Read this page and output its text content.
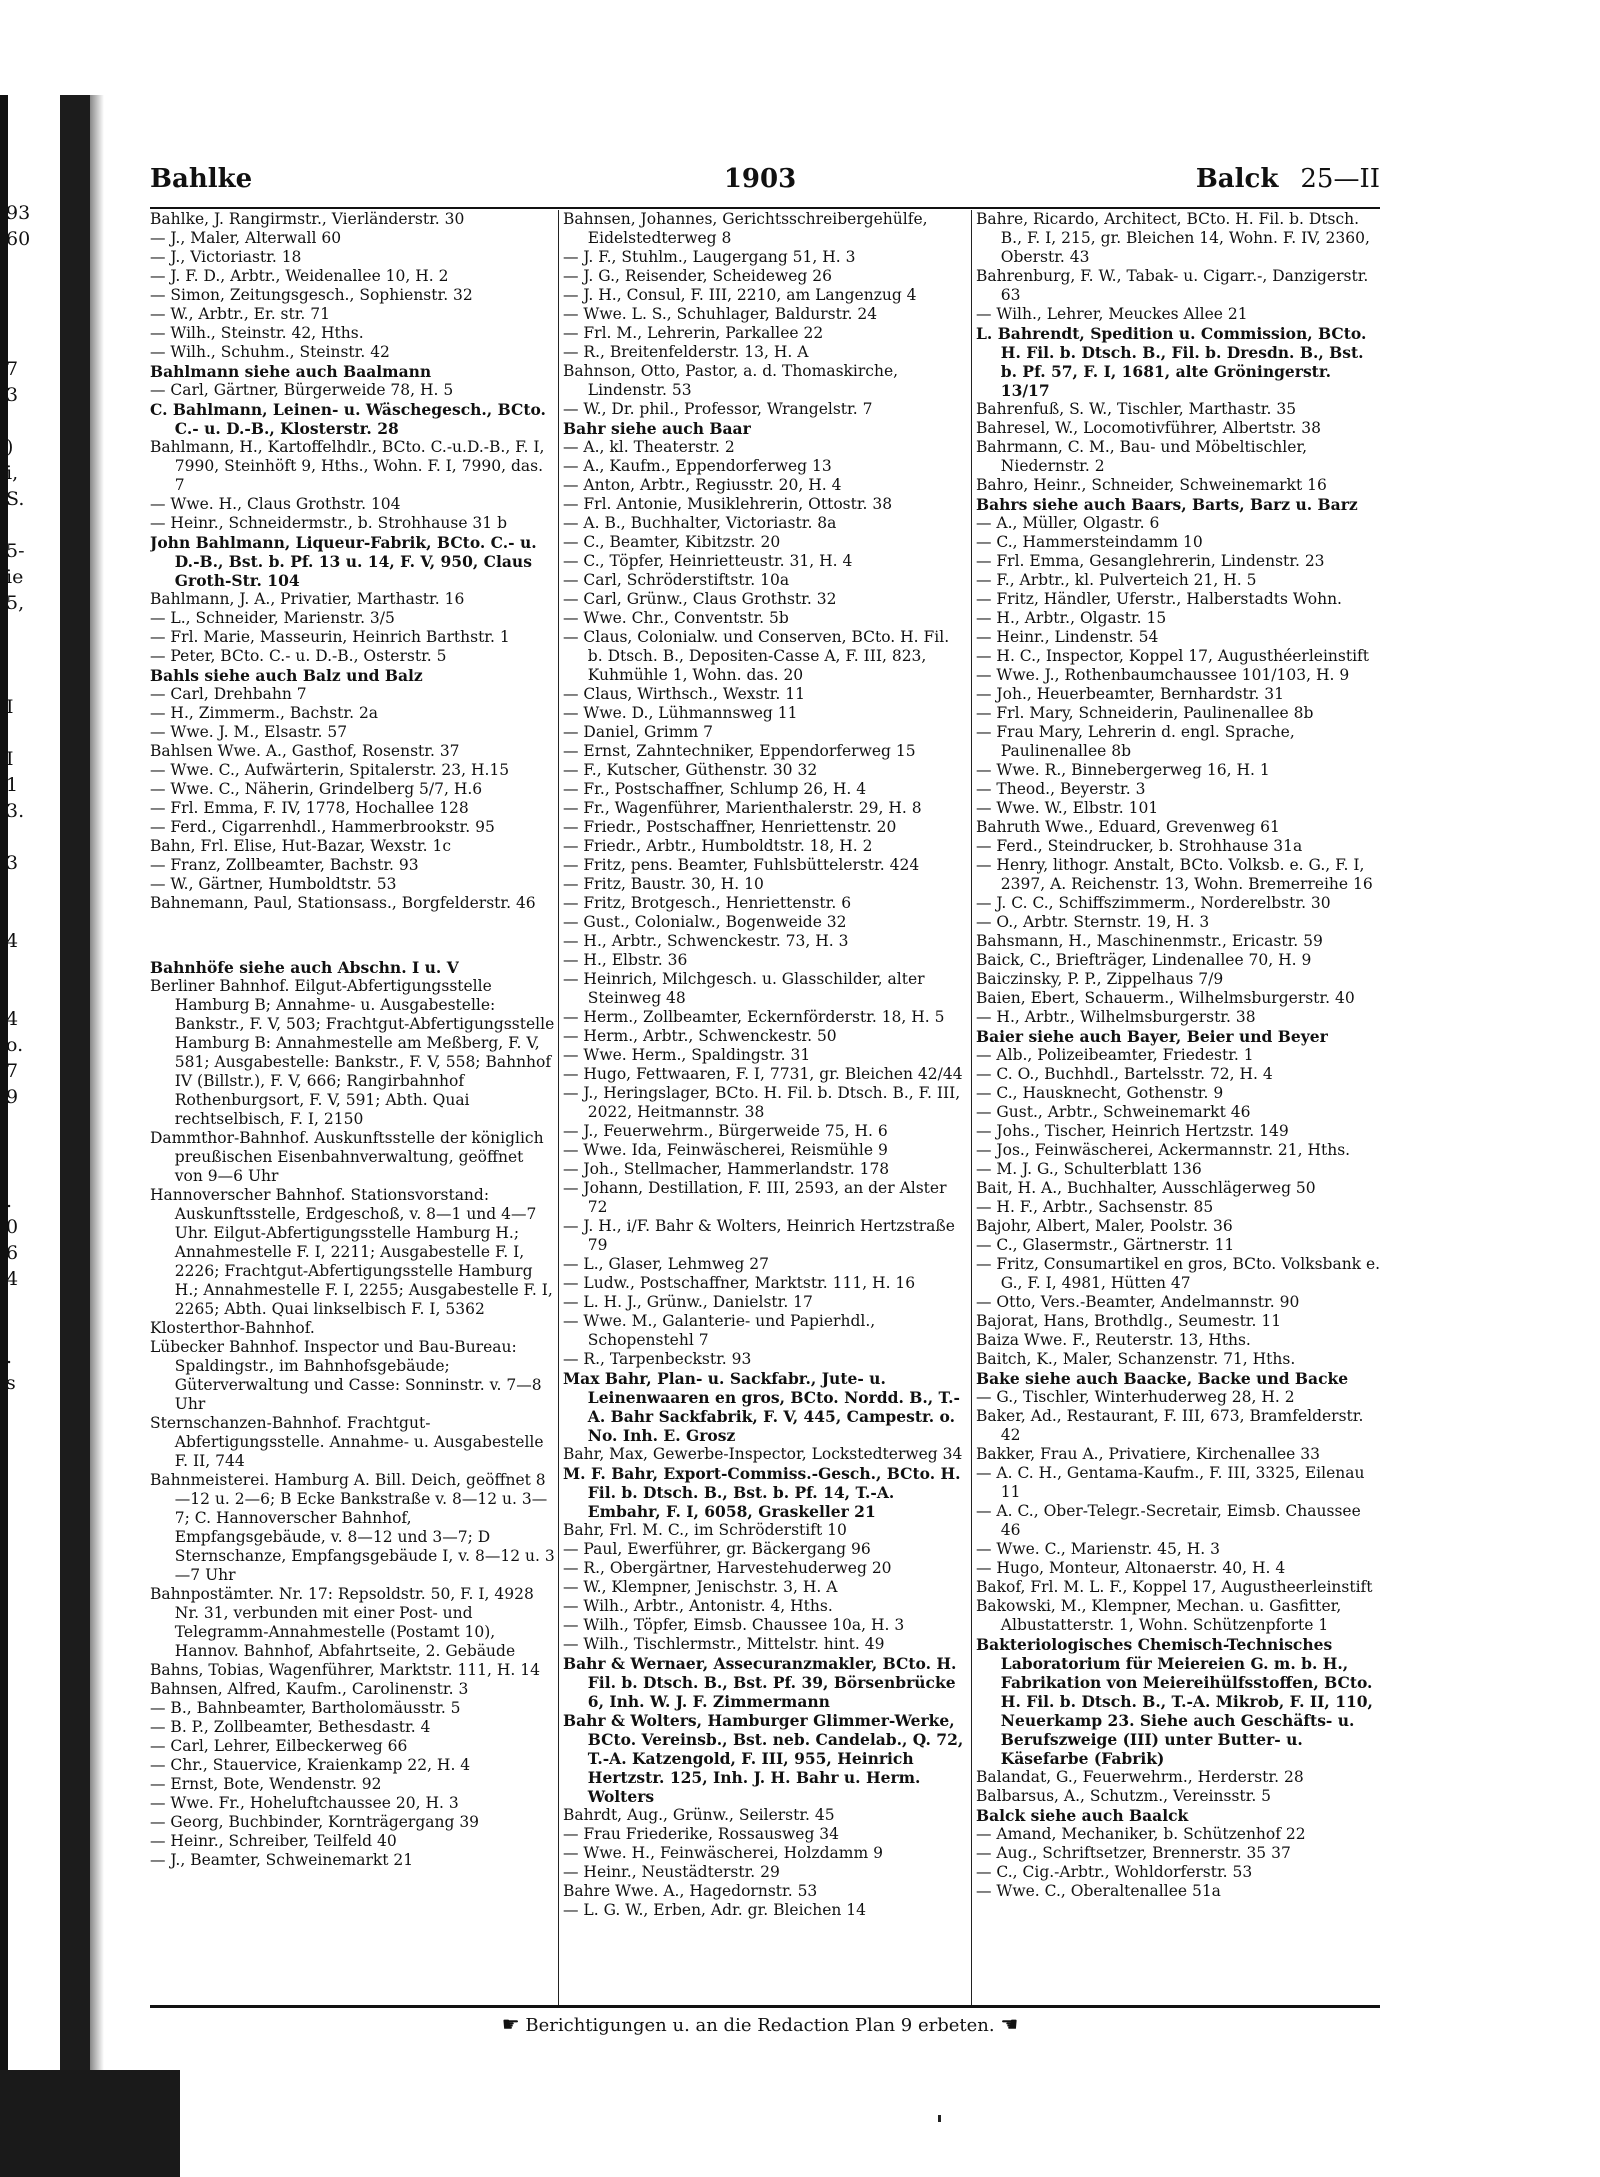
93
60
7
3
)
i,
S.
5-
ie
5,
I
I
1
3.
3
4
4
o.
7
9
.
0
6
4
.
s
Bahlke	1903	Balck 25—II

Bahlke, J. Rangirmstr., Vierländerstr. 30

— J., Maler, Alterwall 60

— J., Victoriastr. 18

— J. F. D., Arbtr., Weidenallee 10, H. 2

— Simon, Zeitungsgesch., Sophienstr. 32

— W., Arbtr., Er. str. 71

— Wilh., Steinstr. 42, Hths.

— Wilh., Schuhm., Steinstr. 42

Bahlmann siehe auch Baalmann

— Carl, Gärtner, Bürgerweide 78, H. 5

C. Bahlmann, Leinen- u. Wäschegesch., BCto. C.- u. D.-B., Klosterstr. 28

Bahlmann, H., Kartoffelhdlr., BCto. C.-u.D.-B., F. I, 7990, Steinhöft 9, Hths., Wohn. F. I, 7990, das. 7

— Wwe. H., Claus Grothstr. 104

— Heinr., Schneidermstr., b. Strohhause 31 b

John Bahlmann, Liqueur-Fabrik, BCto. C.- u. D.-B., Bst. b. Pf. 13 u. 14, F. V, 950, Claus Groth-Str. 104

Bahlmann, J. A., Privatier, Marthastr. 16

— L., Schneider, Marienstr. 3/5

— Frl. Marie, Masseurin, Heinrich Barthstr. 1

— Peter, BCto. C.- u. D.-B., Osterstr. 5

Bahls siehe auch Balz und Balz

— Carl, Drehbahn 7

— H., Zimmerm., Bachstr. 2a

— Wwe. J. M., Elsastr. 57

Bahlsen Wwe. A., Gasthof, Rosenstr. 37

— Wwe. C., Aufwärterin, Spitalerstr. 23, H.15

— Wwe. C., Näherin, Grindelberg 5/7, H.6

— Frl. Emma, F. IV, 1778, Hochallee 128

— Ferd., Cigarrenhdl., Hammerbrookstr. 95

Bahn, Frl. Elise, Hut-Bazar, Wexstr. 1c

— Franz, Zollbeamter, Bachstr. 93

— W., Gärtner, Humboldtstr. 53

Bahnemann, Paul, Stationsass., Borgfelderstr. 46

Bahnhöfe siehe auch Abschn. I u. V

Berliner Bahnhof. Eilgut-Abfertigungsstelle Hamburg B; Annahme- u. Ausgabestelle: Bankstr., F. V, 503; Frachtgut-Abfertigungsstelle Hamburg B: Annahmestelle am Meßberg, F. V, 581; Ausgabestelle: Bankstr., F. V, 558; Bahnhof IV (Billstr.), F. V, 666; Rangirbahnhof Rothenburgsort, F. V, 591; Abth. Quai rechtselbisch, F. I, 2150

Dammthor-Bahnhof. Auskunftsstelle der königlich preußischen Eisenbahnverwaltung, geöffnet von 9—6 Uhr

Hannoverscher Bahnhof. Stationsvorstand: Auskunftsstelle, Erdgeschoß, v. 8—1 und 4—7 Uhr. Eilgut-Abfertigungsstelle Hamburg H.; Annahmestelle F. I, 2211; Ausgabestelle F. I, 2226; Frachtgut-Abfertigungsstelle Hamburg H.; Annahmestelle F. I, 2255; Ausgabestelle F. I, 2265; Abth. Quai linkselbisch F. I, 5362

Klosterthor-Bahnhof.

Lübecker Bahnhof. Inspector und Bau-Bureau: Spaldingstr., im Bahnhofsgebäude; Güterverwaltung und Casse: Sonninstr. v. 7—8 Uhr

Sternschanzen-Bahnhof. Frachtgut-Abfertigungsstelle. Annahme- u. Ausgabestelle F. II, 744

Bahnmeisterei. Hamburg A. Bill. Deich, geöffnet 8—12 u. 2—6; B Ecke Bankstraße v. 8—12 u. 3—7; C. Hannoverscher Bahnhof, Empfangsgebäude, v. 8—12 und 3—7; D Sternschanze, Empfangsgebäude I, v. 8—12 u. 3—7 Uhr

Bahnpostämter. Nr. 17: Repsoldstr. 50, F. I, 4928 Nr. 31, verbunden mit einer Post- und Telegramm-Annahmestelle (Postamt 10), Hannov. Bahnhof, Abfahrtseite, 2. Gebäude

Bahns, Tobias, Wagenführer, Marktstr. 111, H. 14

Bahnsen, Alfred, Kaufm., Carolinenstr. 3

— B., Bahnbeamter, Bartholomäusstr. 5

— B. P., Zollbeamter, Bethesdastr. 4

— Carl, Lehrer, Eilbeckerweg 66

— Chr., Stauervice, Kraienkamp 22, H. 4

— Ernst, Bote, Wendenstr. 92

— Wwe. Fr., Hoheluftchaussee 20, H. 3

— Georg, Buchbinder, Kornträgergang 39

— Heinr., Schreiber, Teilfeld 40

— J., Beamter, Schweinemarkt 21

Bahnsen, Johannes, Gerichtsschreibergehülfe, Eidelstedterweg 8

— J. F., Stuhlm., Laugergang 51, H. 3

— J. G., Reisender, Scheideweg 26

— J. H., Consul, F. III, 2210, am Langenzug 4

— Wwe. L. S., Schuhlager, Baldurstr. 24

— Frl. M., Lehrerin, Parkallee 22

— R., Breitenfelderstr. 13, H. A

Bahnson, Otto, Pastor, a. d. Thomaskirche, Lindenstr. 53

— W., Dr. phil., Professor, Wrangelstr. 7

Bahr siehe auch Baar

— A., kl. Theaterstr. 2

— A., Kaufm., Eppendorferweg 13

— Anton, Arbtr., Regiusstr. 20, H. 4

— Frl. Antonie, Musiklehrerin, Ottostr. 38

— A. B., Buchhalter, Victoriastr. 8a

— C., Beamter, Kibitzstr. 20

— C., Töpfer, Heinrietteustr. 31, H. 4

— Carl, Schröderstiftstr. 10a

— Carl, Grünw., Claus Grothstr. 32

— Wwe. Chr., Conventstr. 5b

— Claus, Colonialw. und Conserven, BCto. H. Fil. b. Dtsch. B., Depositen-Casse A, F. III, 823, Kuhmühle 1, Wohn. das. 20

— Claus, Wirthsch., Wexstr. 11

— Wwe. D., Lühmannsweg 11

— Daniel, Grimm 7

— Ernst, Zahntechniker, Eppendorferweg 15

— F., Kutscher, Güthenstr. 30 32

— Fr., Postschaffner, Schlump 26, H. 4

— Fr., Wagenführer, Marienthalerstr. 29, H. 8

— Friedr., Postschaffner, Henriettenstr. 20

— Friedr., Arbtr., Humboldtstr. 18, H. 2

— Fritz, pens. Beamter, Fuhlsbüttelerstr. 424

— Fritz, Baustr. 30, H. 10

— Fritz, Brotgesch., Henriettenstr. 6

— Gust., Colonialw., Bogenweide 32

— H., Arbtr., Schwenckestr. 73, H. 3

— H., Elbstr. 36

— Heinrich, Milchgesch. u. Glasschilder, alter Steinweg 48

— Herm., Zollbeamter, Eckernförderstr. 18, H. 5

— Herm., Arbtr., Schwenckestr. 50

— Wwe. Herm., Spaldingstr. 31

— Hugo, Fettwaaren, F. I, 7731, gr. Bleichen 42/44

— J., Heringslager, BCto. H. Fil. b. Dtsch. B., F. III, 2022, Heitmannstr. 38

— J., Feuerwehrm., Bürgerweide 75, H. 6

— Wwe. Ida, Feinwäscherei, Reismühle 9

— Joh., Stellmacher, Hammerlandstr. 178

— Johann, Destillation, F. III, 2593, an der Alster 72

— J. H., i/F. Bahr & Wolters, Heinrich Hertzstraße 79

— L., Glaser, Lehmweg 27

— Ludw., Postschaffner, Marktstr. 111, H. 16

— L. H. J., Grünw., Danielstr. 17

— Wwe. M., Galanterie- und Papierhdl., Schopenstehl 7

— R., Tarpenbeckstr. 93

Max Bahr, Plan- u. Sackfabr., Jute- u. Leinenwaaren en gros, BCto. Nordd. B., T.-A. Bahr Sackfabrik, F. V, 445, Campestr. o. No. Inh. E. Grosz

Bahr, Max, Gewerbe-Inspector, Lockstedterweg 34

M. F. Bahr, Export-Commiss.-Gesch., BCto. H. Fil. b. Dtsch. B., Bst. b. Pf. 14, T.-A. Embahr, F. I, 6058, Graskeller 21

Bahr, Frl. M. C., im Schröderstift 10

— Paul, Ewerführer, gr. Bäckergang 96

— R., Obergärtner, Harvestehuderweg 20

— W., Klempner, Jenischstr. 3, H. A

— Wilh., Arbtr., Antonistr. 4, Hths.

— Wilh., Töpfer, Eimsb. Chaussee 10a, H. 3

— Wilh., Tischlermstr., Mittelstr. hint. 49

Bahr & Wernaer, Assecuranzmakler, BCto. H. Fil. b. Dtsch. B., Bst. Pf. 39, Börsenbrücke 6, Inh. W. J. F. Zimmermann

Bahr & Wolters, Hamburger Glimmer-Werke, BCto. Vereinsb., Bst. neb. Candelab., Q. 72, T.-A. Katzengold, F. III, 955, Heinrich Hertzstr. 125, Inh. J. H. Bahr u. Herm. Wolters

Bahrdt, Aug., Grünw., Seilerstr. 45

— Frau Friederike, Rossausweg 34

— Wwe. H., Feinwäscherei, Holzdamm 9

— Heinr., Neustädterstr. 29

Bahre Wwe. A., Hagedornstr. 53

— L. G. W., Erben, Adr. gr. Bleichen 14

Bahre, Ricardo, Architect, BCto. H. Fil. b. Dtsch. B., F. I, 215, gr. Bleichen 14, Wohn. F. IV, 2360, Oberstr. 43

Bahrenburg, F. W., Tabak- u. Cigarr.-, Danzigerstr. 63

— Wilh., Lehrer, Meuckes Allee 21

L. Bahrendt, Spedition u. Commission, BCto. H. Fil. b. Dtsch. B., Fil. b. Dresdn. B., Bst. b. Pf. 57, F. I, 1681, alte Gröningerstr. 13/17

Bahrenfuß, S. W., Tischler, Marthastr. 35

Bahresel, W., Locomotivführer, Albertstr. 38

Bahrmann, C. M., Bau- und Möbeltischler, Niedernstr. 2

Bahro, Heinr., Schneider, Schweinemarkt 16

Bahrs siehe auch Baars, Barts, Barz u. Barz

— A., Müller, Olgastr. 6

— C., Hammersteindamm 10

— Frl. Emma, Gesanglehrerin, Lindenstr. 23

— F., Arbtr., kl. Pulverteich 21, H. 5

— Fritz, Händler, Uferstr., Halberstadts Wohn.

— H., Arbtr., Olgastr. 15

— Heinr., Lindenstr. 54

— H. C., Inspector, Koppel 17, Augusthéerleinstift

— Wwe. J., Rothenbaumchaussee 101/103, H. 9

— Joh., Heuerbeamter, Bernhardstr. 31

— Frl. Mary, Schneiderin, Paulinenallee 8b

— Frau Mary, Lehrerin d. engl. Sprache, Paulinenallee 8b

— Wwe. R., Binnebergerweg 16, H. 1

— Theod., Beyerstr. 3

— Wwe. W., Elbstr. 101

Bahruth Wwe., Eduard, Grevenweg 61

— Ferd., Steindrucker, b. Strohhause 31a

— Henry, lithogr. Anstalt, BCto. Volksb. e. G., F. I, 2397, A. Reichenstr. 13, Wohn. Bremerreihe 16

— J. C. C., Schiffszimmerm., Norderelbstr. 30

— O., Arbtr. Sternstr. 19, H. 3

Bahsmann, H., Maschinenmstr., Ericastr. 59

Baick, C., Briefträger, Lindenallee 70, H. 9

Baiczinsky, P. P., Zippelhaus 7/9

Baien, Ebert, Schauerm., Wilhelmsburgerstr. 40

— H., Arbtr., Wilhelmsburgerstr. 38

Baier siehe auch Bayer, Beier und Beyer

— Alb., Polizeibeamter, Friedestr. 1

— C. O., Buchhdl., Bartelsstr. 72, H. 4

— C., Hausknecht, Gothenstr. 9

— Gust., Arbtr., Schweinemarkt 46

— Johs., Tischer, Heinrich Hertzstr. 149

— Jos., Feinwäscherei, Ackermannstr. 21, Hths.

— M. J. G., Schulterblatt 136

Bait, H. A., Buchhalter, Ausschlägerweg 50

— H. F., Arbtr., Sachsenstr. 85

Bajohr, Albert, Maler, Poolstr. 36

— C., Glasermstr., Gärtnerstr. 11

— Fritz, Consumartikel en gros, BCto. Volksbank e. G., F. I, 4981, Hütten 47

— Otto, Vers.-Beamter, Andelmannstr. 90

Bajorat, Hans, Brothdlg., Seumestr. 11

Baiza Wwe. F., Reuterstr. 13, Hths.

Baitch, K., Maler, Schanzenstr. 71, Hths.

Bake siehe auch Baacke, Backe und Backe

— G., Tischler, Winterhuderweg 28, H. 2

Baker, Ad., Restaurant, F. III, 673, Bramfelderstr. 42

Bakker, Frau A., Privatiere, Kirchenallee 33

— A. C. H., Gentama-Kaufm., F. III, 3325, Eilenau 11

— A. C., Ober-Telegr.-Secretair, Eimsb. Chaussee 46

— Wwe. C., Marienstr. 45, H. 3

— Hugo, Monteur, Altonaerstr. 40, H. 4

Bakof, Frl. M. L. F., Koppel 17, Augustheerleinstift

Bakowski, M., Klempner, Mechan. u. Gasfitter, Albustatterstr. 1, Wohn. Schützenpforte 1

Bakteriologisches Chemisch-Technisches Laboratorium für Meiereien G. m. b. H., Fabrikation von Meiereihülfsstoffen, BCto. H. Fil. b. Dtsch. B., T.-A. Mikrob, F. II, 110, Neuerkamp 23. Siehe auch Geschäfts- u. Berufszweige (III) unter Butter- u. Käsefarbe (Fabrik)

Balandat, G., Feuerwehrm., Herderstr. 28

Balbarsus, A., Schutzm., Vereinsstr. 5

Balck siehe auch Baalck

— Amand, Mechaniker, b. Schützenhof 22

— Aug., Schriftsetzer, Brennerstr. 35 37

— C., Cig.-Arbtr., Wohldorferstr. 53

— Wwe. C., Oberaltenallee 51a

☛ Berichtigungen u. an die Redaction Plan 9 erbeten. ☚
